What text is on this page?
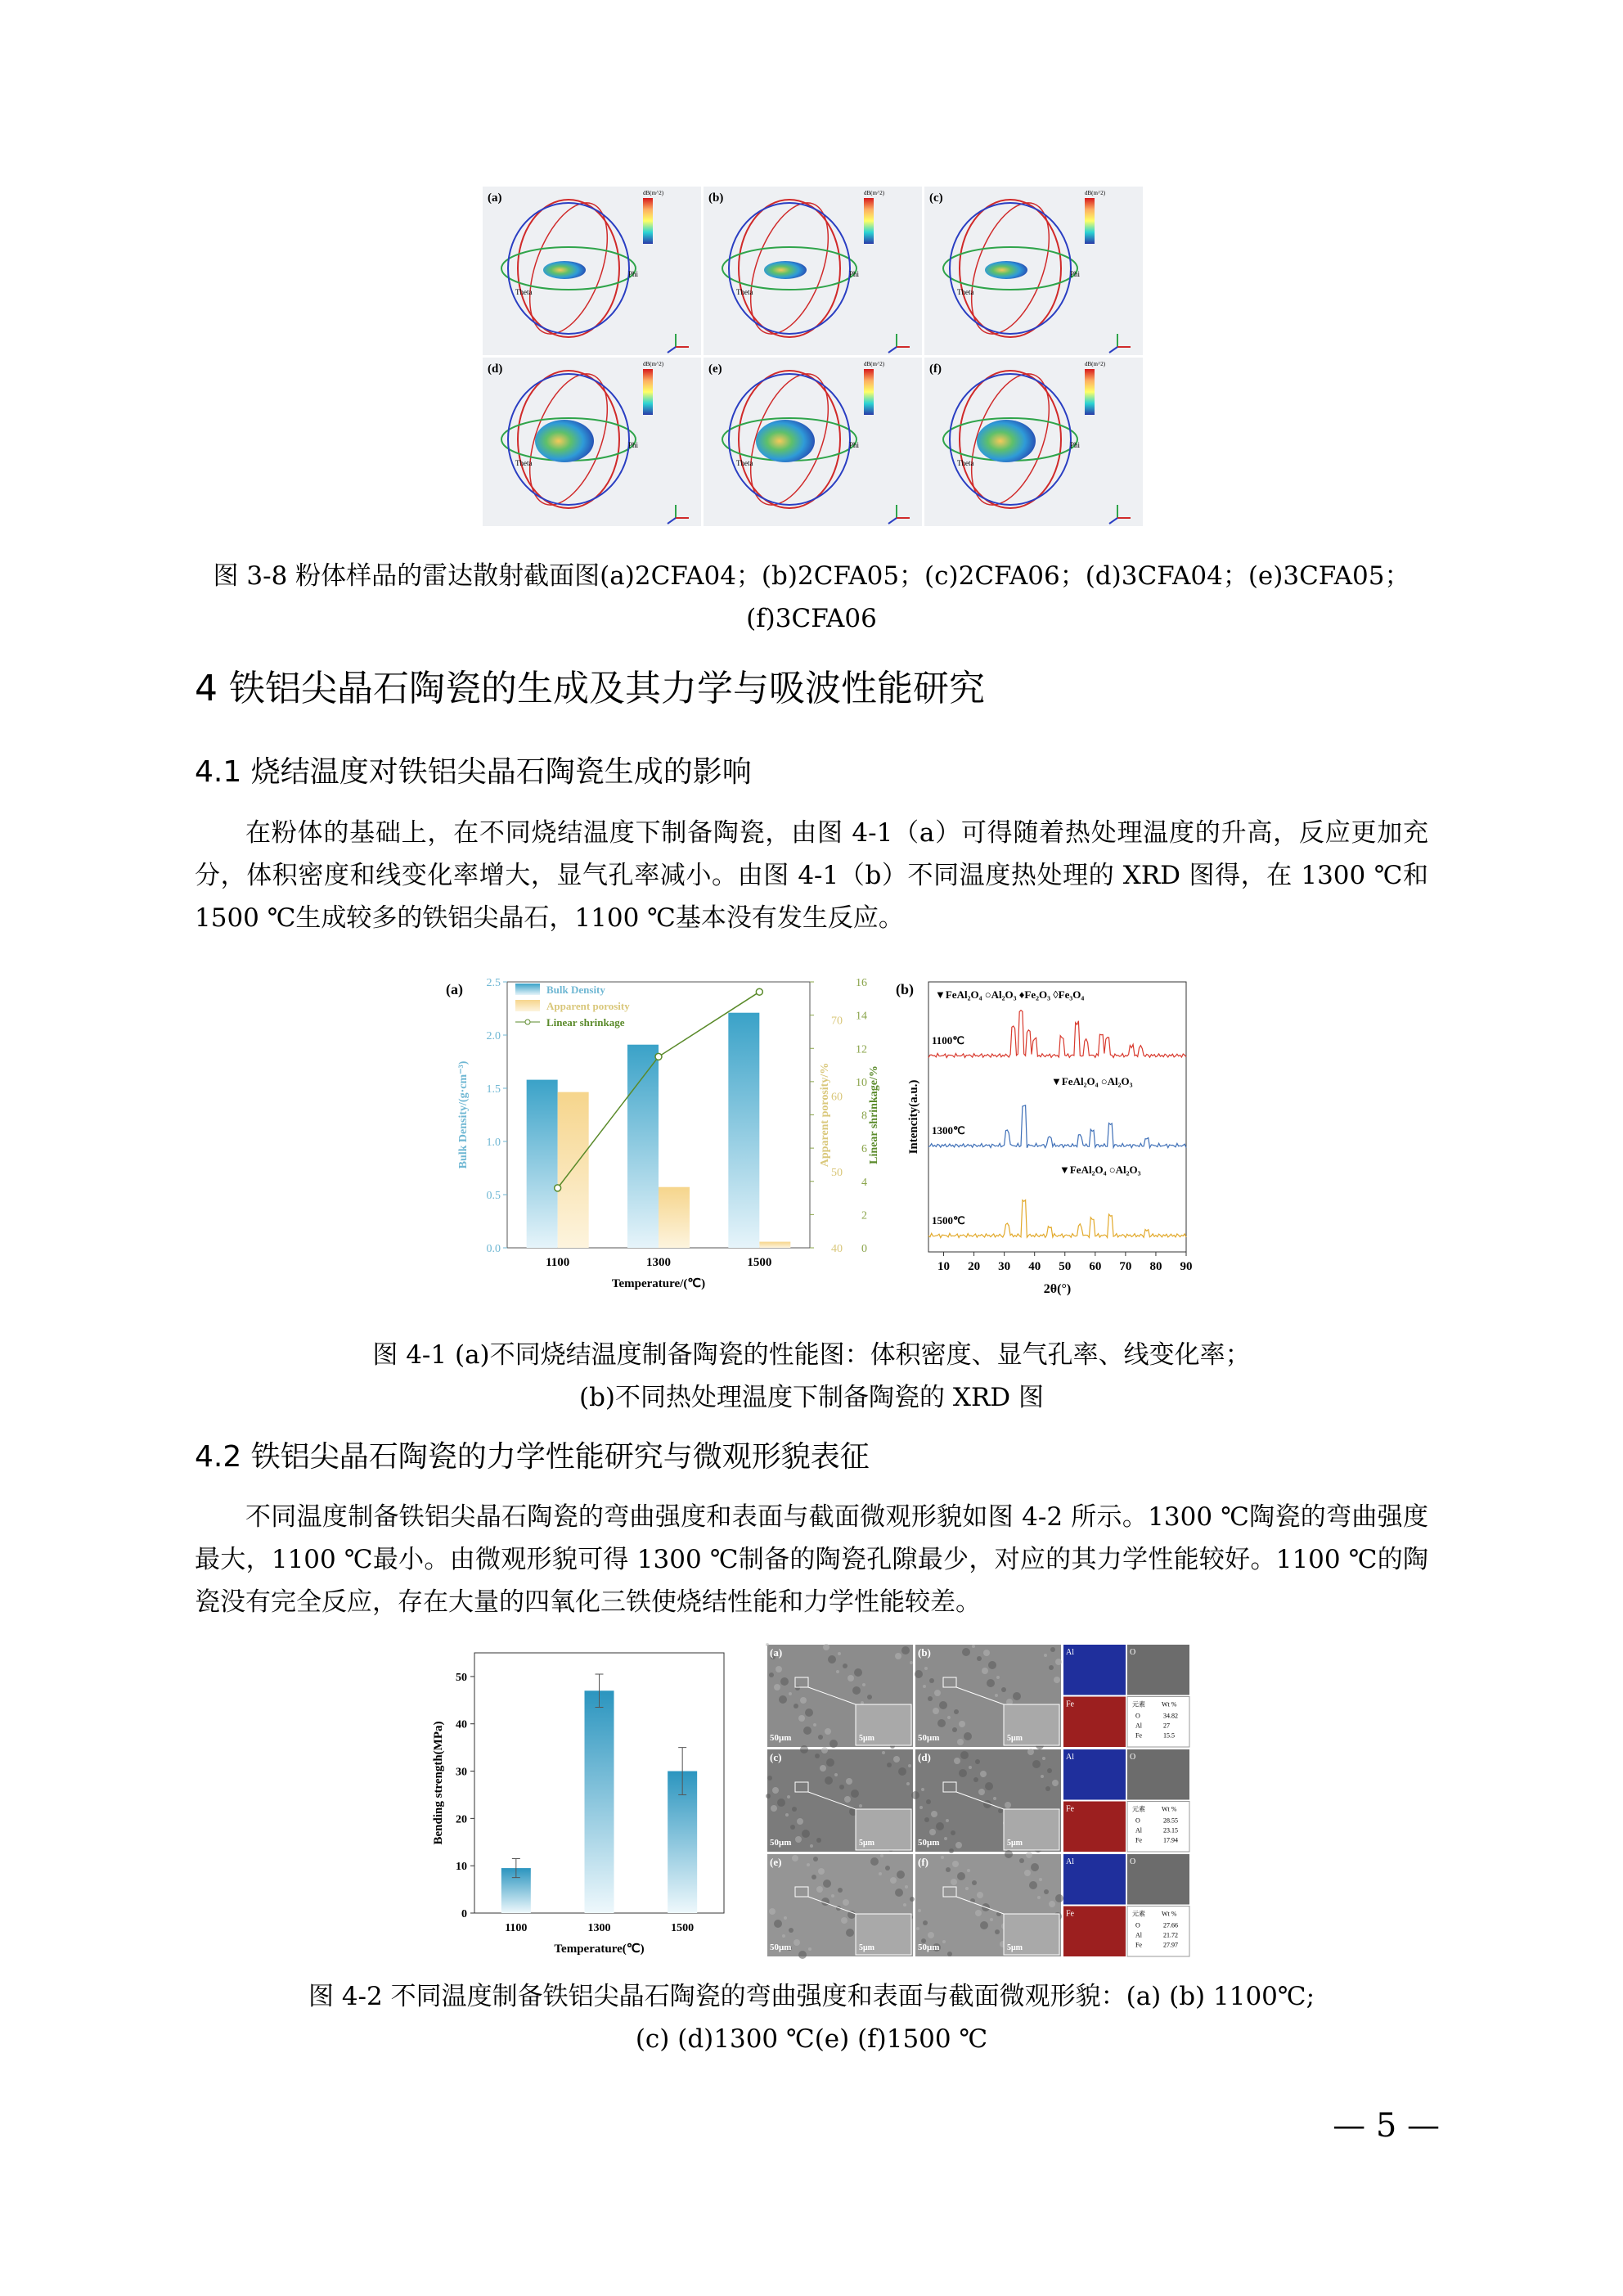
(a)
Theta
Phi
dB(m^2)	(b)
Theta
Phi
dB(m^2)	(c)
Theta
Phi
dB(m^2)
(d)
Theta
Phi
dB(m^2)	(e)
Theta
Phi
dB(m^2)	(f)
Theta
Phi
dB(m^2)
图 3-8 粉体样品的雷达散射截面图(a)2CFA04；(b)2CFA05；(c)2CFA06；(d)3CFA04；(e)3CFA05；
(f)3CFA06
4 铁铝尖晶石陶瓷的生成及其力学与吸波性能研究
4.1 烧结温度对铁铝尖晶石陶瓷生成的影响

在粉体的基础上，在不同烧结温度下制备陶瓷，由图 4-1（a）可得随着热处理温度的升高，反应更加充分，体积密度和线变化率增大，显气孔率减小。由图 4-1（b）不同温度热处理的 XRD 图得，在 1300 ℃和 1500 ℃生成较多的铁铝尖晶石，1100 ℃基本没有发生反应。

(a)
0.0
0.5
1.0
1.5
2.0
2.5
40
50
60
70
0
2
4
6
8
10
12
14
16
1100	1300	1500
Bulk Density
Apparent porosity
Linear shrinkage
Bulk Density/(g·cm⁻³)	Apparent porosity/%	Linear shrinkage/%
Temperature/(℃)
(b) ▼FeAl₂O₄ ○Al₂O₃ ♦Fe₂O₃ ◊Fe₃O₄
▼FeAl₂O₄ ○Al₂O₃
▼FeAl₂O₄ ○Al₂O₃
1100℃
1300℃
1500℃
10 20 30 40 50 60 70 80 90
2θ(°)
Intencity(a.u.)
图 4-1 (a)不同烧结温度制备陶瓷的性能图：体积密度、显气孔率、线变化率；
(b)不同热处理温度下制备陶瓷的 XRD 图
4.2 铁铝尖晶石陶瓷的力学性能研究与微观形貌表征

不同温度制备铁铝尖晶石陶瓷的弯曲强度和表面与截面微观形貌如图 4-2 所示。1300 ℃陶瓷的弯曲强度最大，1100 ℃最小。由微观形貌可得 1300 ℃制备的陶瓷孔隙最少，对应的其力学性能较好。1100 ℃的陶瓷没有完全反应，存在大量的四氧化三铁使烧结性能和力学性能较差。

0
10
20
30
40
50
1100	1300	1500
Temperature(℃)
Bending strength(MPa)
(a)
50μm	5μm
(b)
50μm	5μm
(c)
50μm	5μm
(d)
50μm	5μm
(e)
50μm	5μm
(f)
50μm	5μm
Al	O
Fe	元素	Wt %
O	34.82
Al	27
Fe	15.5
Al	O
Fe	元素	Wt %
O	28.55
Al	23.15
Fe	17.94
Al	O
Fe	元素	Wt %
O	27.66
Al	21.72
Fe	27.97
图 4-2 不同温度制备铁铝尖晶石陶瓷的弯曲强度和表面与截面微观形貌：(a) (b) 1100℃;
(c) (d)1300 ℃(e) (f)1500 ℃
— 5 —
